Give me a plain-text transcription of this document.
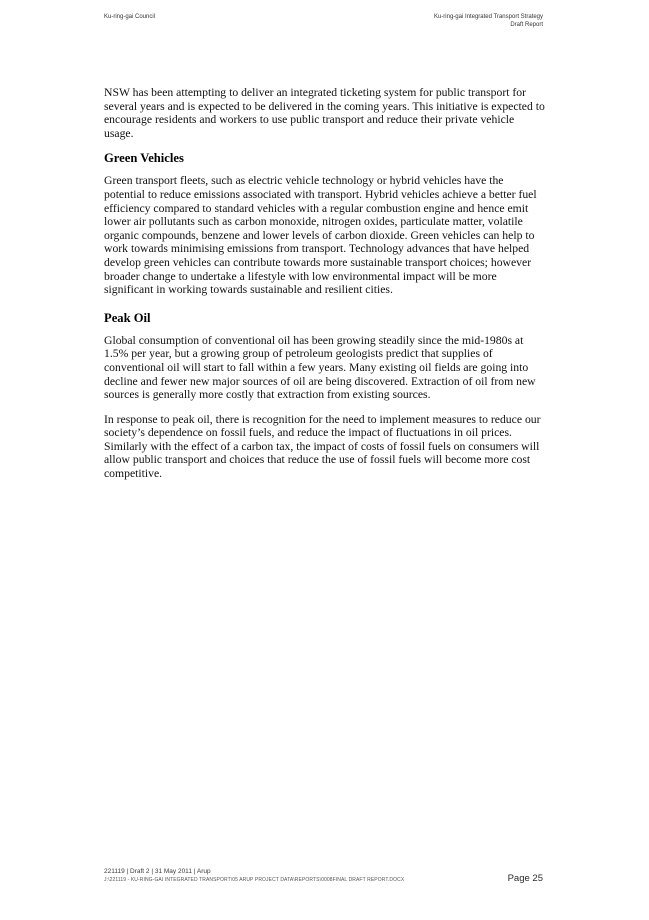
Ku-ring-gai Council	Ku-ring-gai Integrated Transport Strategy
Draft Report

NSW has been attempting to deliver an integrated ticketing system for public transport for several years and is expected to be delivered in the coming years. This initiative is expected to encourage residents and workers to use public transport and reduce their private vehicle usage.

Green Vehicles

Green transport fleets, such as electric vehicle technology or hybrid vehicles have the potential to reduce emissions associated with transport. Hybrid vehicles achieve a better fuel efficiency compared to standard vehicles with a regular combustion engine and hence emit lower air pollutants such as carbon monoxide, nitrogen oxides, particulate matter, volatile organic compounds, benzene and lower levels of carbon dioxide. Green vehicles can help to work towards minimising emissions from transport. Technology advances that have helped develop green vehicles can contribute towards more sustainable transport choices; however broader change to undertake a lifestyle with low environmental impact will be more significant in working towards sustainable and resilient cities.

Peak Oil

Global consumption of conventional oil has been growing steadily since the mid-1980s at 1.5% per year, but a growing group of petroleum geologists predict that supplies of conventional oil will start to fall within a few years. Many existing oil fields are going into decline and fewer new major sources of oil are being discovered. Extraction of oil from new sources is generally more costly that extraction from existing sources.

In response to peak oil, there is recognition for the need to implement measures to reduce our society’s dependence on fossil fuels, and reduce the impact of fluctuations in oil prices. Similarly with the effect of a carbon tax, the impact of costs of fossil fuels on consumers will allow public transport and choices that reduce the use of fossil fuels will become more cost competitive.

221119 | Draft 2 | 31 May 2011 | Arup
J:\221119 - KU-RING-GAI INTEGRATED TRANSPORT\05 ARUP PROJECT DATA\REPORTS\0008FINAL DRAFT REPORT.DOCX	Page 25
